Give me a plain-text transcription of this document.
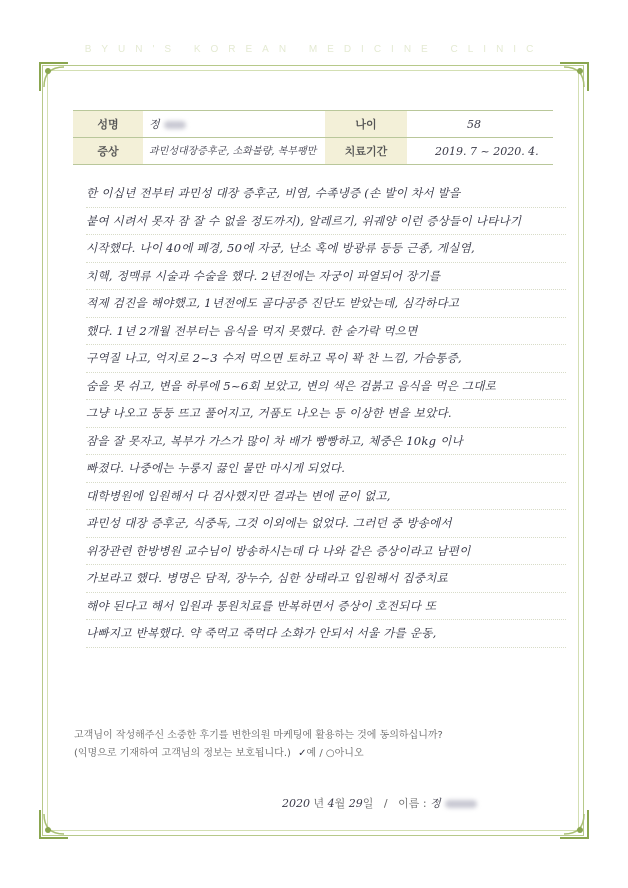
BYUN'S KOREAN MEDICINE CLINIC
성명	정	나이	58
증상	과민성대장증후군, 소화불량, 복부팽만	치료기간	2019. 7 ~ 2020. 4.
한 이십년 전부터 과민성 대장 증후군, 비염, 수족냉증 (손 발이 차서 발을
붙여 시려서 못자 잠 잘 수 없을 정도까지), 알레르기, 위궤양 이런 증상들이 나타나기
시작했다. 나이 40에 폐경, 50에 자궁, 난소 혹에 방광류 등등 근종, 게실염,
치핵, 정맥류 시술과 수술을 했다. 2년전에는 자궁이 파열되어 장기를
적제 검진을 해야했고, 1년전에도 골다공증 진단도 받았는데, 심각하다고
했다. 1년 2개월 전부터는 음식을 먹지 못했다. 한 숟가락 먹으면
구역질 나고, 억지로 2~3 수저 먹으면 토하고 목이 꽉 찬 느낌, 가슴통증,
숨을 못 쉬고, 변을 하루에 5~6회 보았고, 변의 색은 검붉고 음식을 먹은 그대로
그냥 나오고 둥둥 뜨고 풀어지고, 거품도 나오는 등 이상한 변을 보았다.
잠을 잘 못자고, 복부가 가스가 많이 차 배가 빵빵하고, 체중은 10kg 이나
빠졌다. 나중에는 누룽지 끓인 물만 마시게 되었다.
대학병원에 입원해서 다 검사했지만 결과는 변에 균이 없고,
과민성 대장 증후군, 식중독, 그것 이외에는 없었다. 그러던 중 방송에서
위장관련 한방병원 교수님이 방송하시는데 다 나와 같은 증상이라고 남편이
가보라고 했다. 병명은 담적, 장누수, 심한 상태라고 입원해서 집중치료
해야 된다고 해서 입원과 통원치료를 반복하면서 증상이 호전되다 또
나빠지고 반복했다. 약 죽먹고 죽먹다 소화가 안되서 서울 가를 운동,
고객님이 작성해주신 소중한 후기를 변한의원 마케팅에 활용하는 것에 동의하십니까?
(익명으로 기재하여 고객님의 정보는 보호됩니다.) ✓예 / ○아니오
2020 년 4월 29일 / 이름 : 정
